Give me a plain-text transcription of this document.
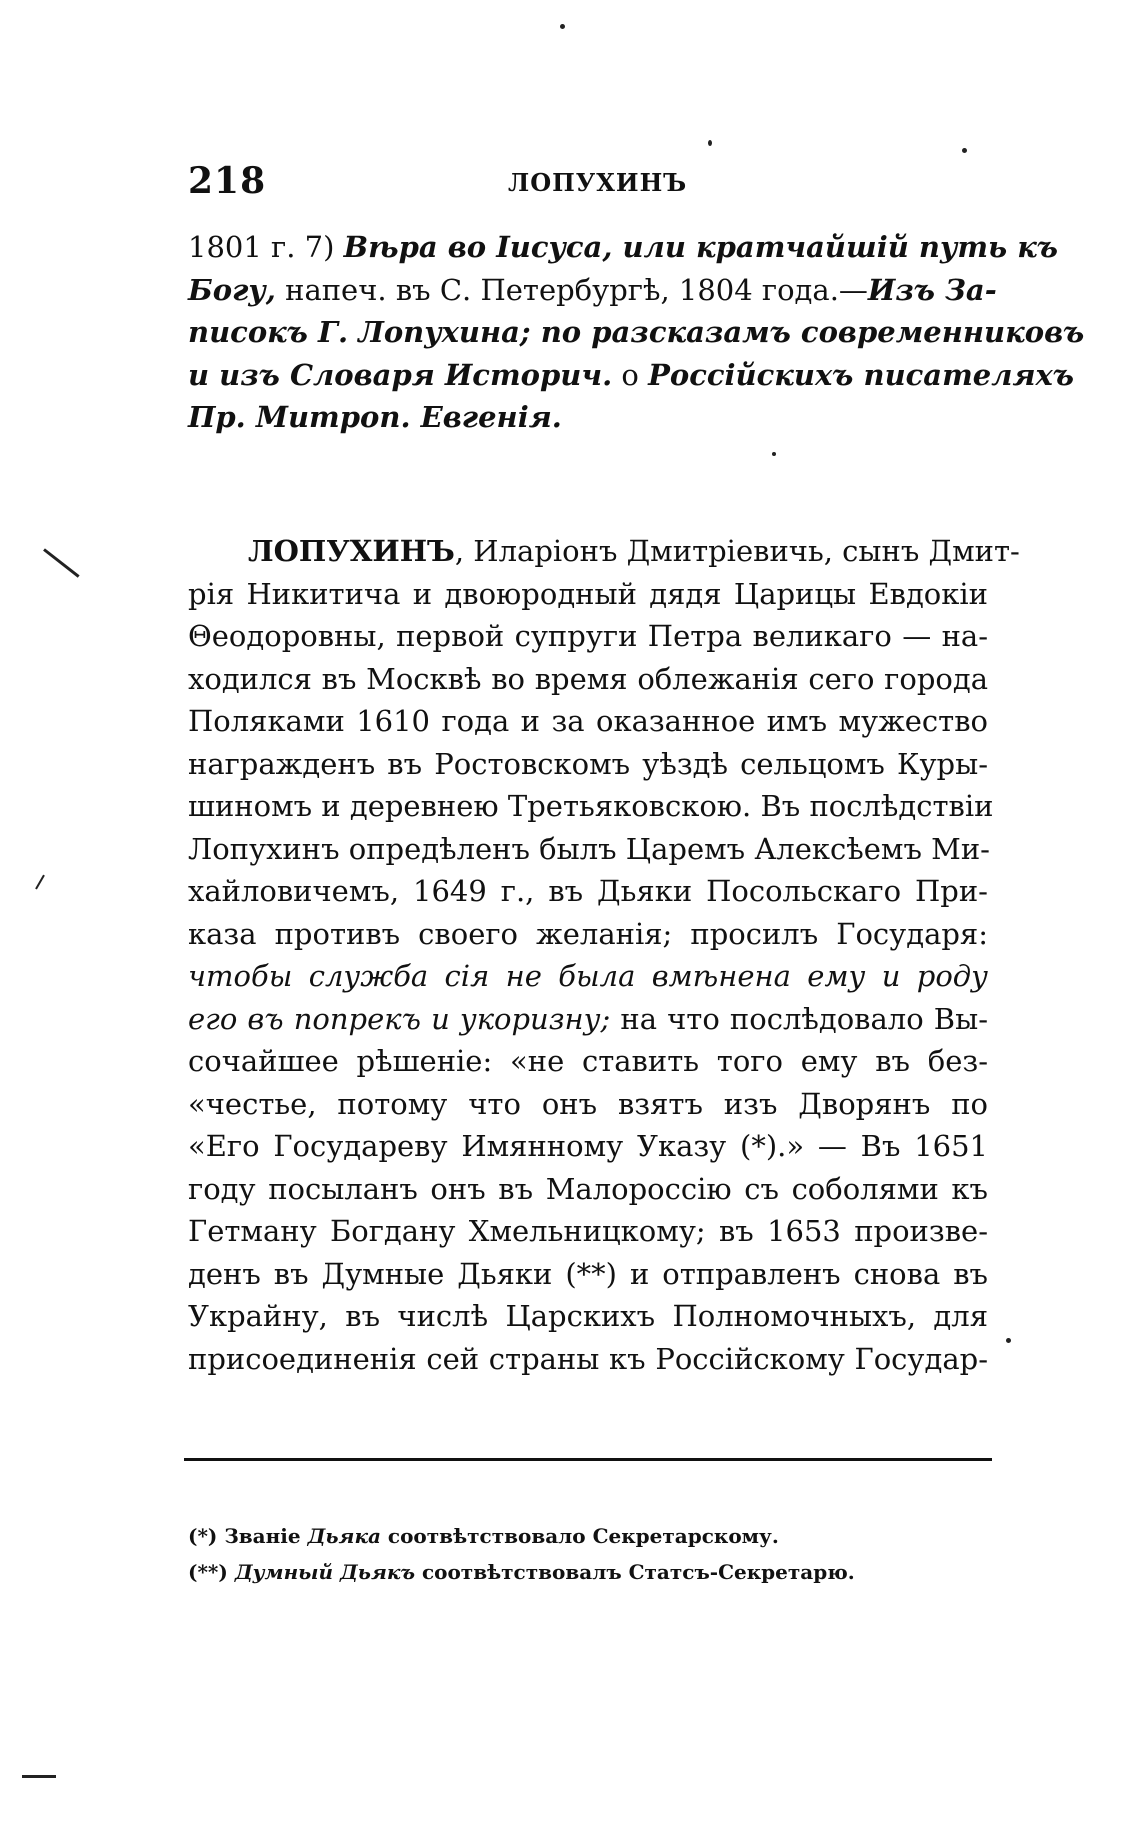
218	ЛОПУХИНЪ
1801 г. 7) Вѣра во Іисуса, или кратчайшій путь къ
Богу, напеч. въ С. Петербургѣ, 1804 года.—Изъ За-
писокъ Г. Лопухина; по разсказамъ современниковъ
и изъ Словаря Историч. о Россійскихъ писателяхъ
Пр. Митроп. Евгенія.
ЛОПУХИНЪ, Иларіонъ Дмитріевичь, сынъ Дмит-
рія Никитича и двоюродный дядя Царицы Евдокіи
Θеодоровны, первой супруги Петра великаго — на-
ходился въ Москвѣ во время облежанія сего города
Поляками 1610 года и за оказанное имъ мужество
награжденъ въ Ростовскомъ уѣздѣ сельцомъ Куры-
шиномъ и деревнею Третьяковскою. Въ послѣдствіи
Лопухинъ опредѣленъ былъ Царемъ Алексѣемъ Ми-
хайловичемъ, 1649 г., въ Дьяки Посольскаго При-
каза противъ своего желанія; просилъ Государя:
чтобы служба сія не была вмѣнена ему и роду
его въ попрекъ и укоризну; на что послѣдовало Вы-
сочайшее рѣшеніе: «не ставить того ему въ без-
«честье, потому что онъ взятъ изъ Дворянъ по
«Его Государеву Имянному Указу (*).» — Въ 1651
году посыланъ онъ въ Малороссію съ соболями къ
Гетману Богдану Хмельницкому; въ 1653 произве-
денъ въ Думные Дьяки (**) и отправленъ снова въ
Украйну, въ числѣ Царскихъ Полномочныхъ, для
присоединенія сей страны къ Россійскому Государ-
(*) Званіе Дьяка соотвѣтствовало Секретарскому.
(**) Думный Дьякъ соотвѣтствовалъ Статсъ-Секретарю.
